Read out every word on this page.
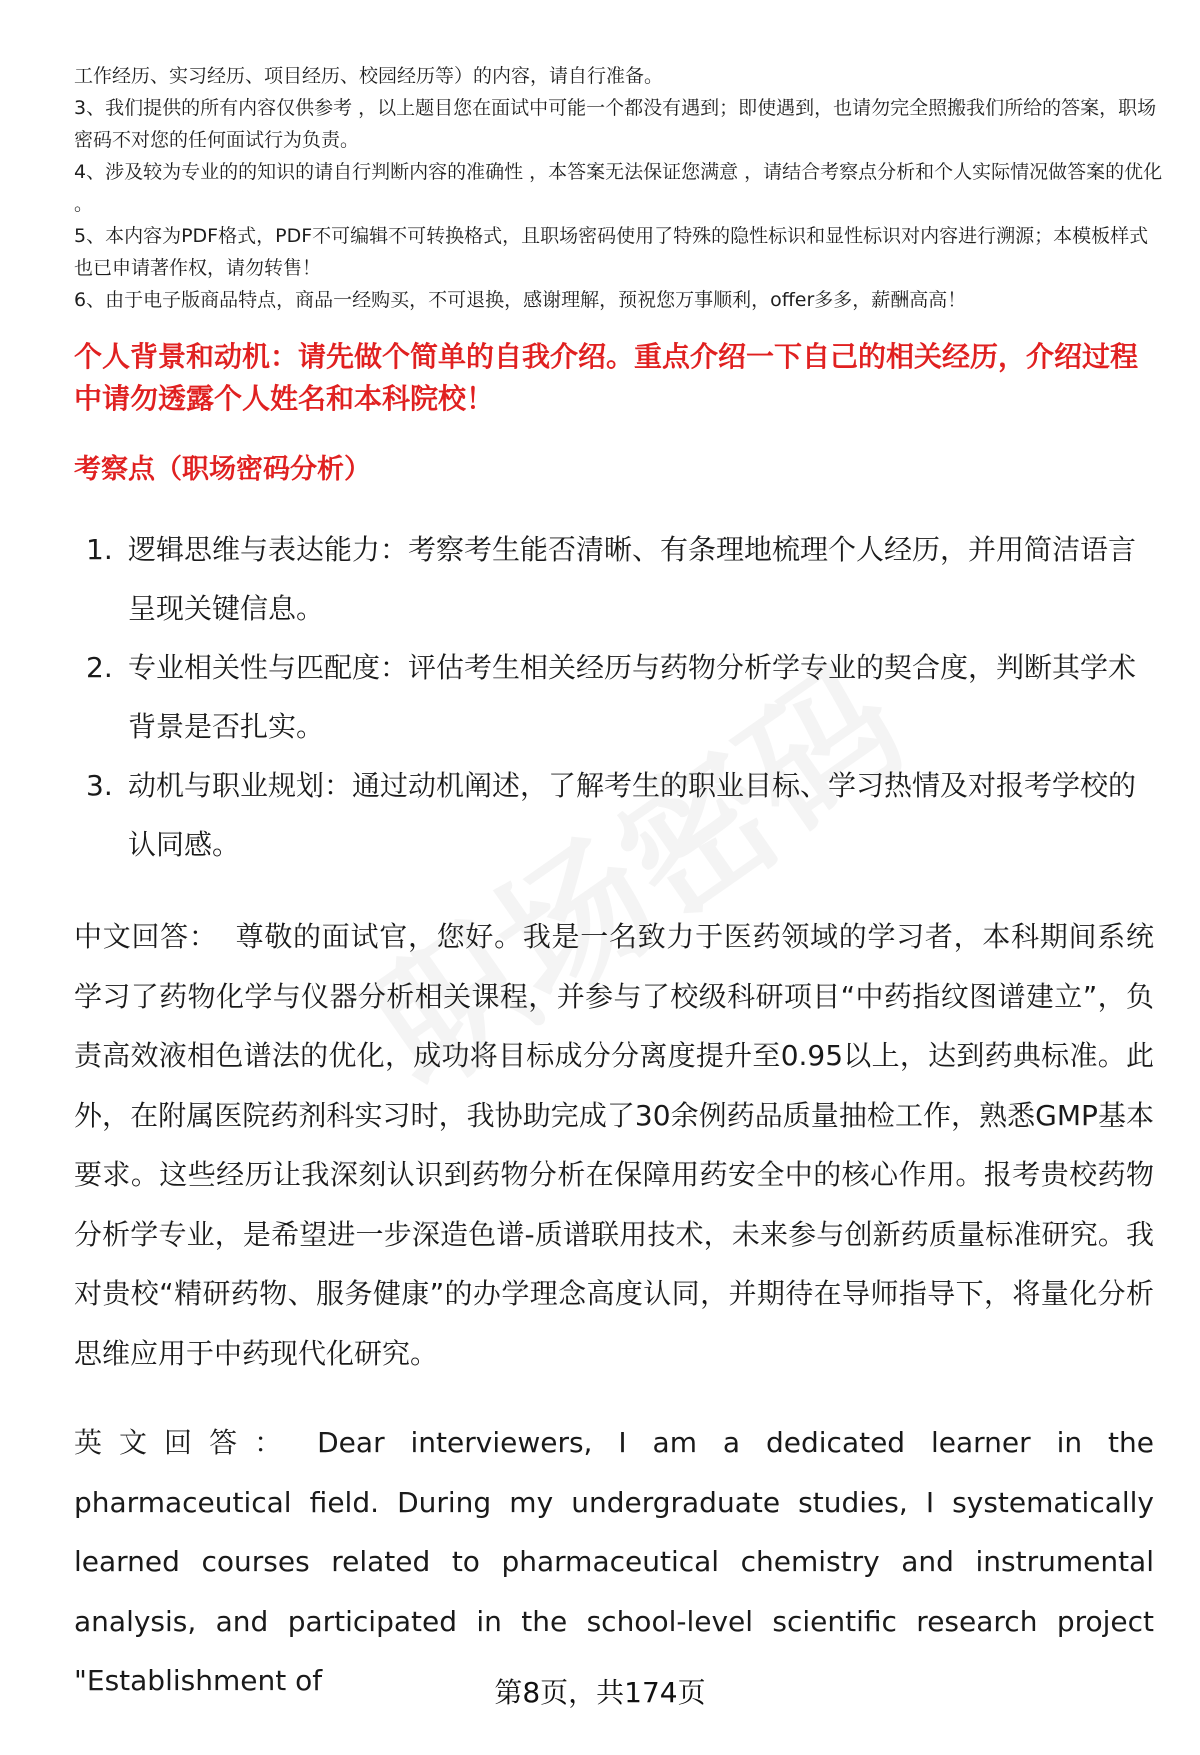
工作经历、实习经历、项目经历、校园经历等）的内容，请自行准备。

3、我们提供的所有内容仅供参考 ，以上题目您在面试中可能一个都没有遇到；即使遇到，也请勿完全照搬我们所给的答案，职场密码不对您的任何面试行为负责。

4、涉及较为专业的的知识的请自行判断内容的准确性 ，本答案无法保证您满意 ，请结合考察点分析和个人实际情况做答案的优化 。

5、本内容为PDF格式，PDF不可编辑不可转换格式，且职场密码使用了特殊的隐性标识和显性标识对内容进行溯源；本模板样式也已申请著作权，请勿转售！

6、由于电子版商品特点，商品一经购买，不可退换，感谢理解，预祝您万事顺利，offer多多，薪酬高高！

个人背景和动机：请先做个简单的自我介绍。重点介绍一下自己的相关经历，介绍过程中请勿透露个人姓名和本科院校！

考察点（职场密码分析）

1. 逻辑思维与表达能力：考察考生能否清晰、有条理地梳理个人经历，并用简洁语言呈现关键信息。
2. 专业相关性与匹配度：评估考生相关经历与药物分析学专业的契合度，判断其学术背景是否扎实。
3. 动机与职业规划：通过动机阐述，了解考生的职业目标、学习热情及对报考学校的认同感。

中文回答： 尊敬的面试官，您好。我是一名致力于医药领域的学习者，本科期间系统学习了药物化学与仪器分析相关课程，并参与了校级科研项目“中药指纹图谱建立”，负责高效液相色谱法的优化，成功将目标成分分离度提升至0.95以上，达到药典标准。此外，在附属医院药剂科实习时，我协助完成了30余例药品质量抽检工作，熟悉GMP基本要求。这些经历让我深刻认识到药物分析在保障用药安全中的核心作用。报考贵校药物分析学专业，是希望进一步深造色谱-质谱联用技术，未来参与创新药质量标准研究。我对贵校“精研药物、服务健康”的办学理念高度认同，并期待在导师指导下，将量化分析思维应用于中药现代化研究。

英文回答： Dear interviewers, I am a dedicated learner in the pharmaceutical field. During my undergraduate studies, I systematically learned courses related to pharmaceutical chemistry and instrumental analysis, and participated in the school-level scientific research project "Establishment of	第8页，共174页
